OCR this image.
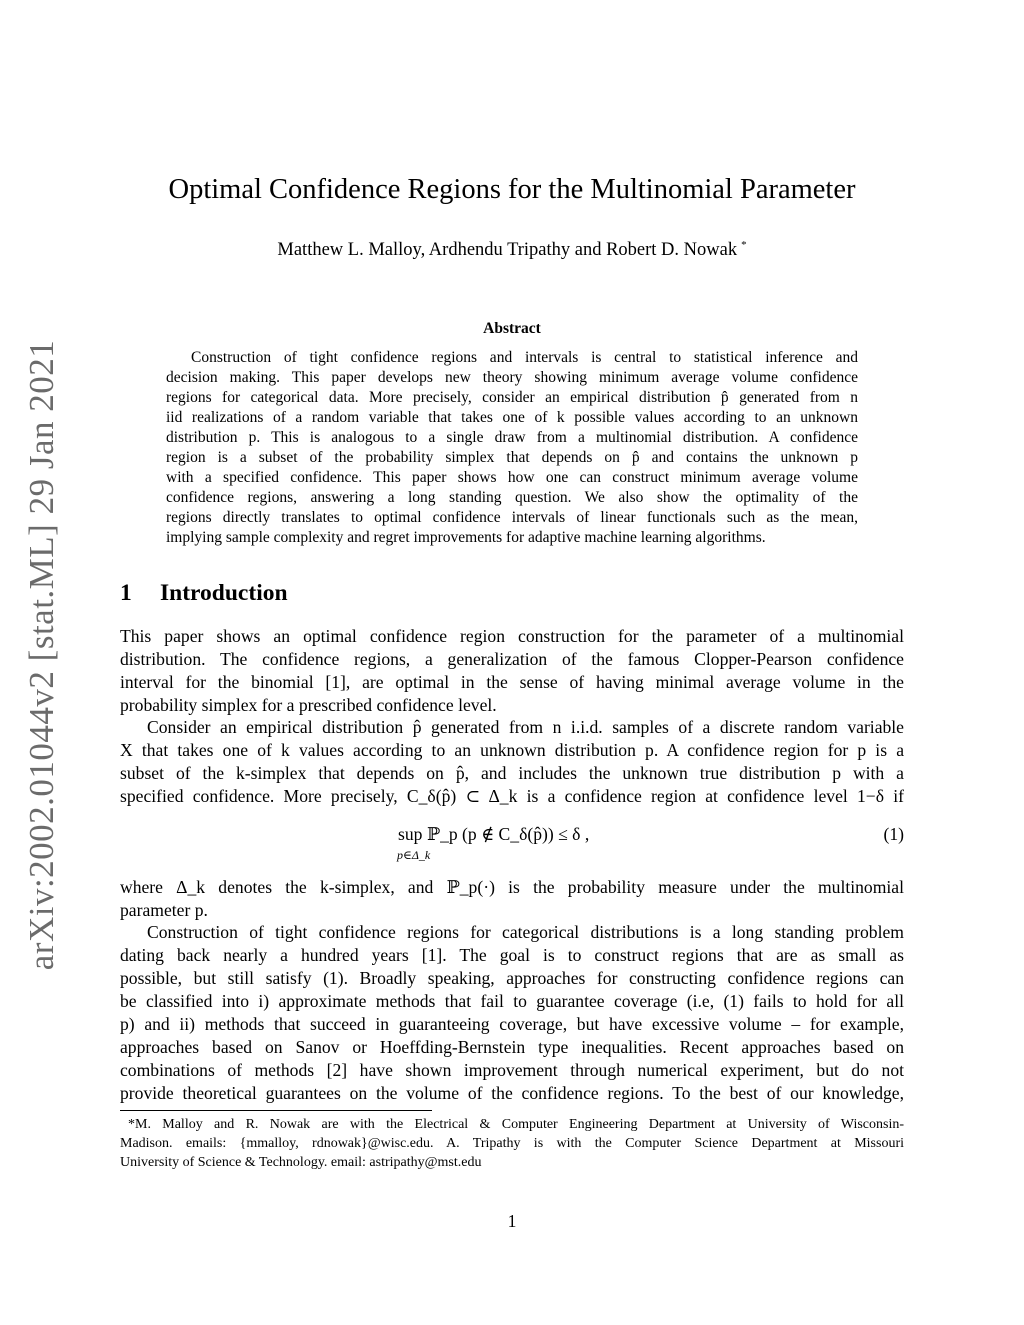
arXiv:2002.01044v2 [stat.ML] 29 Jan 2021
Optimal Confidence Regions for the Multinomial Parameter
Matthew L. Malloy, Ardhendu Tripathy and Robert D. Nowak *
Abstract
Construction of tight confidence regions and intervals is central to statistical inference and
decision making. This paper develops new theory showing minimum average volume confidence
regions for categorical data. More precisely, consider an empirical distribution p̂ generated from n
iid realizations of a random variable that takes one of k possible values according to an unknown
distribution p. This is analogous to a single draw from a multinomial distribution. A confidence
region is a subset of the probability simplex that depends on p̂ and contains the unknown p
with a specified confidence. This paper shows how one can construct minimum average volume
confidence regions, answering a long standing question. We also show the optimality of the
regions directly translates to optimal confidence intervals of linear functionals such as the mean,
implying sample complexity and regret improvements for adaptive machine learning algorithms.
1 Introduction
This paper shows an optimal confidence region construction for the parameter of a multinomial
distribution. The confidence regions, a generalization of the famous Clopper-Pearson confidence
interval for the binomial [1], are optimal in the sense of having minimal average volume in the
probability simplex for a prescribed confidence level.
Consider an empirical distribution p̂ generated from n i.i.d. samples of a discrete random variable
X that takes one of k values according to an unknown distribution p. A confidence region for p is a
subset of the k-simplex that depends on p̂, and includes the unknown true distribution p with a
specified confidence. More precisely, C_δ(p̂) ⊂ Δ_k is a confidence region at confidence level 1−δ if
sup ℙ_p (p ∉ C_δ(p̂)) ≤ δ ,
p∈Δ_k
(1)
where Δ_k denotes the k-simplex, and ℙ_p(·) is the probability measure under the multinomial
parameter p.
Construction of tight confidence regions for categorical distributions is a long standing problem
dating back nearly a hundred years [1]. The goal is to construct regions that are as small as
possible, but still satisfy (1). Broadly speaking, approaches for constructing confidence regions can
be classified into i) approximate methods that fail to guarantee coverage (i.e, (1) fails to hold for all
p) and ii) methods that succeed in guaranteeing coverage, but have excessive volume – for example,
approaches based on Sanov or Hoeffding-Bernstein type inequalities. Recent approaches based on
combinations of methods [2] have shown improvement through numerical experiment, but do not
provide theoretical guarantees on the volume of the confidence regions. To the best of our knowledge,
*M. Malloy and R. Nowak are with the Electrical & Computer Engineering Department at University of Wisconsin-
Madison. emails: {mmalloy, rdnowak}@wisc.edu. A. Tripathy is with the Computer Science Department at Missouri
University of Science & Technology. email: astripathy@mst.edu
1
